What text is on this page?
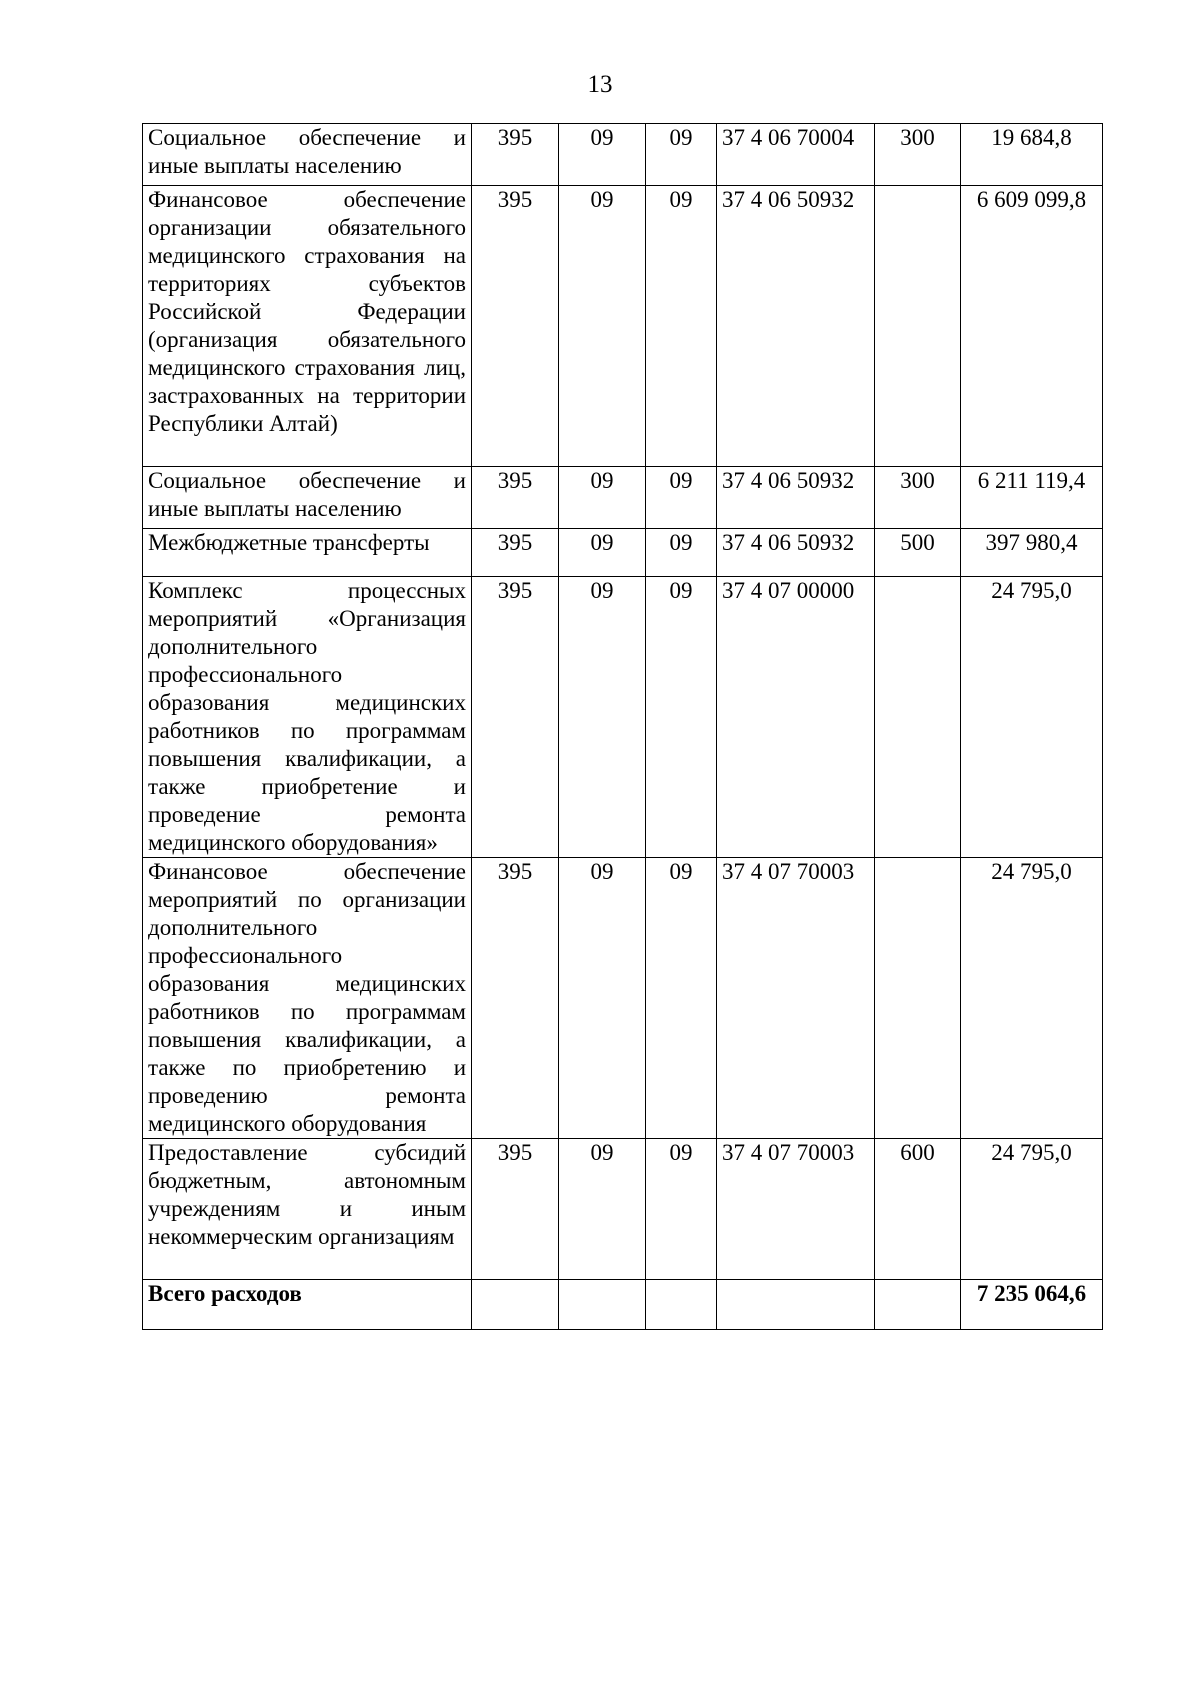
13
Социальное обеспечение и иные выплаты населению	395	09	09	37 4 06 70004	300	19 684,8
Финансовое обеспечение организации обязательного медицинского страхования на территориях субъектов Российской Федерации (организация обязательного медицинского страхования лиц, застрахованных на территории Республики Алтай)	395	09	09	37 4 06 50932		6 609 099,8
Социальное обеспечение и иные выплаты населению	395	09	09	37 4 06 50932	300	6 211 119,4
Межбюджетные трансферты	395	09	09	37 4 06 50932	500	397 980,4
Комплекс процессных мероприятий «Организация дополнительного профессионального образования медицинских работников по программам повышения квалификации, а также приобретение и проведение ремонта медицинского оборудования»	395	09	09	37 4 07 00000		24 795,0
Финансовое обеспечение мероприятий по организации дополнительного профессионального образования медицинских работников по программам повышения квалификации, а также по приобретению и проведению ремонта медицинского оборудования	395	09	09	37 4 07 70003		24 795,0
Предоставление субсидий бюджетным, автономным учреждениям и иным некоммерческим организациям	395	09	09	37 4 07 70003	600	24 795,0
Всего расходов						7 235 064,6
